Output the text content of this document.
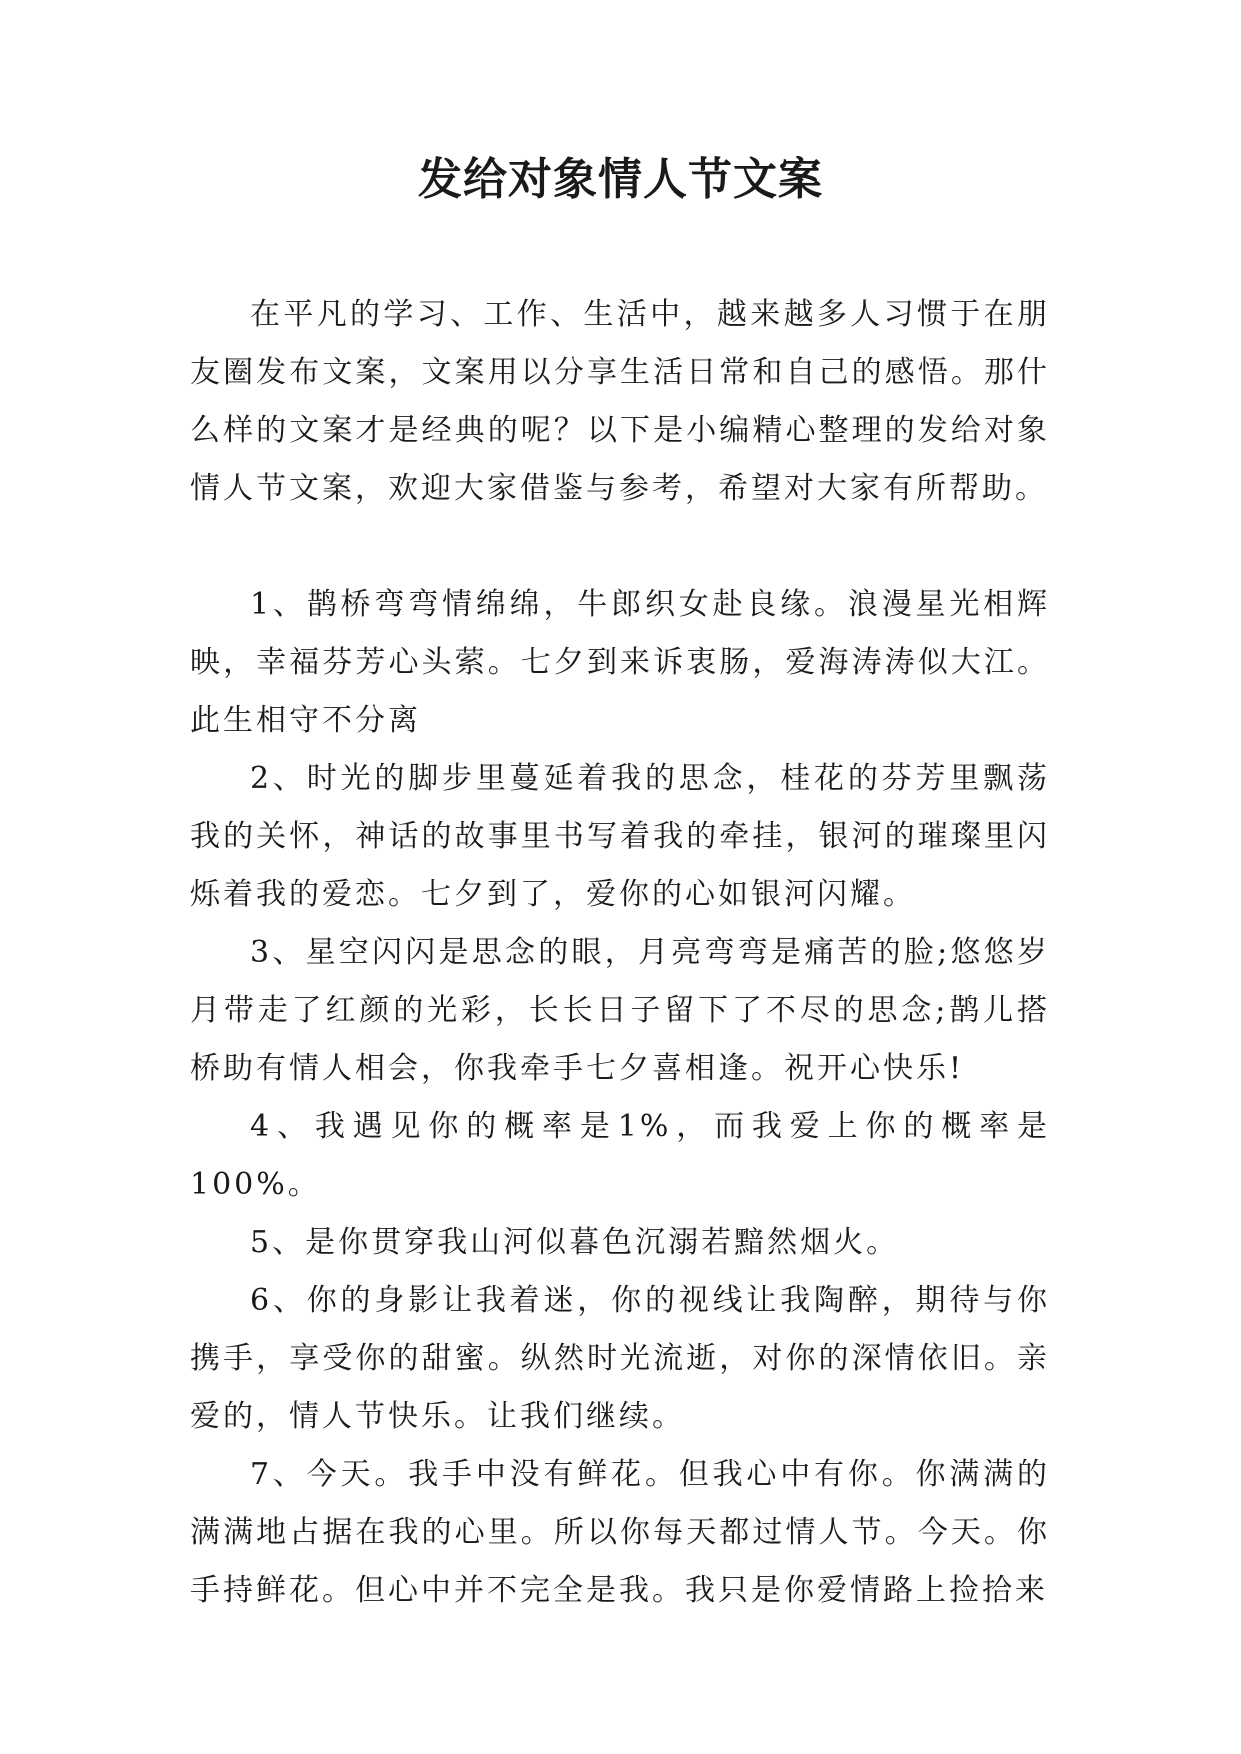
发给对象情人节文案

在平凡的学习、工作、生活中，越来越多人习惯于在朋友圈发布文案，文案用以分享生活日常和自己的感悟。那什么样的文案才是经典的呢？以下是小编精心整理的发给对象情人节文案，欢迎大家借鉴与参考，希望对大家有所帮助。

1、鹊桥弯弯情绵绵，牛郎织女赴良缘。浪漫星光相辉映，幸福芬芳心头萦。七夕到来诉衷肠，爱海涛涛似大江。此生相守不分离

2、时光的脚步里蔓延着我的思念，桂花的芬芳里飘荡我的关怀，神话的故事里书写着我的牵挂，银河的璀璨里闪烁着我的爱恋。七夕到了，爱你的心如银河闪耀。

3、星空闪闪是思念的眼，月亮弯弯是痛苦的脸;悠悠岁月带走了红颜的光彩，长长日子留下了不尽的思念;鹊儿搭桥助有情人相会，你我牵手七夕喜相逢。祝开心快乐!

4、我遇见你的概率是1%，而我爱上你的概率是100%。

5、是你贯穿我山河似暮色沉溺若黯然烟火。

6、你的身影让我着迷，你的视线让我陶醉，期待与你携手，享受你的甜蜜。纵然时光流逝，对你的深情依旧。亲爱的，情人节快乐。让我们继续。

7、今天。我手中没有鲜花。但我心中有你。你满满的满满地占据在我的心里。所以你每天都过情人节。今天。你手持鲜花。但心中并不完全是我。我只是你爱情路上捡拾来
